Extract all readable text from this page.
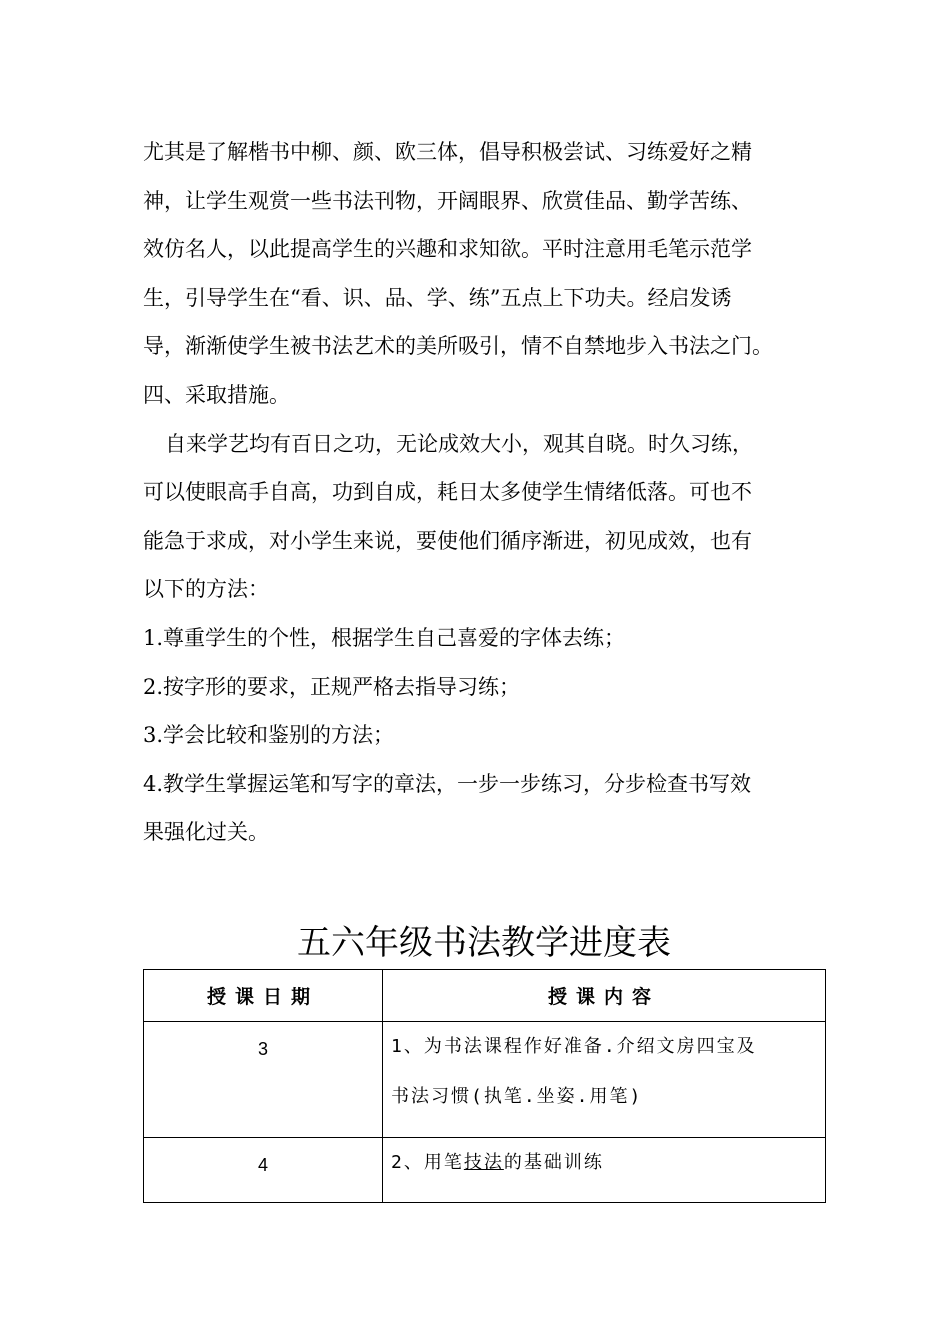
尤其是了解楷书中柳、颜、欧三体，倡导积极尝试、习练爱好之精
神，让学生观赏一些书法刊物，开阔眼界、欣赏佳品、勤学苦练、
效仿名人，以此提高学生的兴趣和求知欲。平时注意用毛笔示范学
生，引导学生在“看、识、品、学、练”五点上下功夫。经启发诱
导，渐渐使学生被书法艺术的美所吸引，情不自禁地步入书法之门。
四、采取措施。
自来学艺均有百日之功，无论成效大小，观其自晓。时久习练，
可以使眼高手自高，功到自成，耗日太多使学生情绪低落。可也不
能急于求成，对小学生来说，要使他们循序渐进，初见成效，也有
以下的方法：
1.尊重学生的个性，根据学生自己喜爱的字体去练；
2.按字形的要求，正规严格去指导习练；
3.学会比较和鉴别的方法；
4.教学生掌握运笔和写字的章法，一步一步练习，分步检查书写效
果强化过关。
五六年级书法教学进度表
授课日期	授课内容
3	1、为书法课程作好准备.介绍文房四宝及
书法习惯(执笔.坐姿.用笔)

4	2、用笔技法的基础训练
